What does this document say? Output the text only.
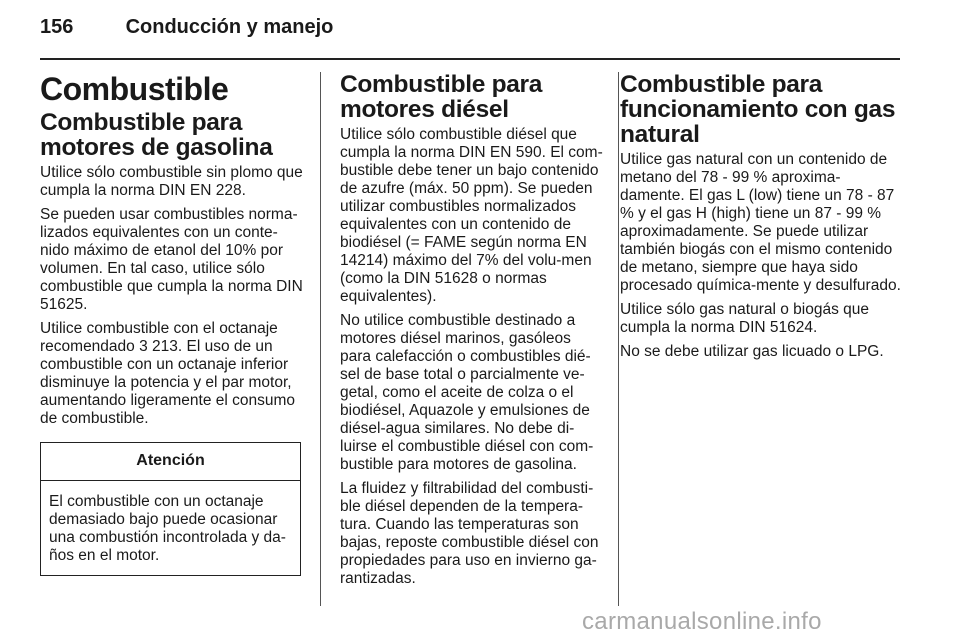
156	Conducción y manejo
Combustible
Combustible para motores de gasolina

Utilice sólo combustible sin plomo que cumpla la norma DIN EN 228.

Se pueden usar combustibles norma-lizados equivalentes con un conte-nido máximo de etanol del 10% por volumen. En tal caso, utilice sólo combustible que cumpla la norma DIN 51625.

Utilice combustible con el octanaje recomendado 3 213. El uso de un combustible con un octanaje inferior disminuye la potencia y el par motor, aumentando ligeramente el consumo de combustible.

Atención
El combustible con un octanaje demasiado bajo puede ocasionar una combustión incontrolada y da-ños en el motor.
Combustible para motores diésel

Utilice sólo combustible diésel que cumpla la norma DIN EN 590. El com-bustible debe tener un bajo contenido de azufre (máx. 50 ppm). Se pueden utilizar combustibles normalizados equivalentes con un contenido de biodiésel (= FAME según norma EN 14214) máximo del 7% del volu-men (como la DIN 51628 o normas equivalentes).

No utilice combustible destinado a motores diésel marinos, gasóleos para calefacción o combustibles dié-sel de base total o parcialmente ve-getal, como el aceite de colza o el biodiésel, Aquazole y emulsiones de diésel-agua similares. No debe di-luirse el combustible diésel con com-bustible para motores de gasolina.

La fluidez y filtrabilidad del combusti-ble diésel dependen de la tempera-tura. Cuando las temperaturas son bajas, reposte combustible diésel con propiedades para uso en invierno ga-rantizadas.

Combustible para funcionamiento con gas natural

Utilice gas natural con un contenido de metano del 78 - 99 % aproxima-damente. El gas L (low) tiene un 78 - 87 % y el gas H (high) tiene un 87 - 99 % aproximadamente. Se puede utilizar también biogás con el mismo contenido de metano, siempre que haya sido procesado química-mente y desulfurado.

Utilice sólo gas natural o biogás que cumpla la norma DIN 51624.

No se debe utilizar gas licuado o LPG.

carmanualsonline.info
